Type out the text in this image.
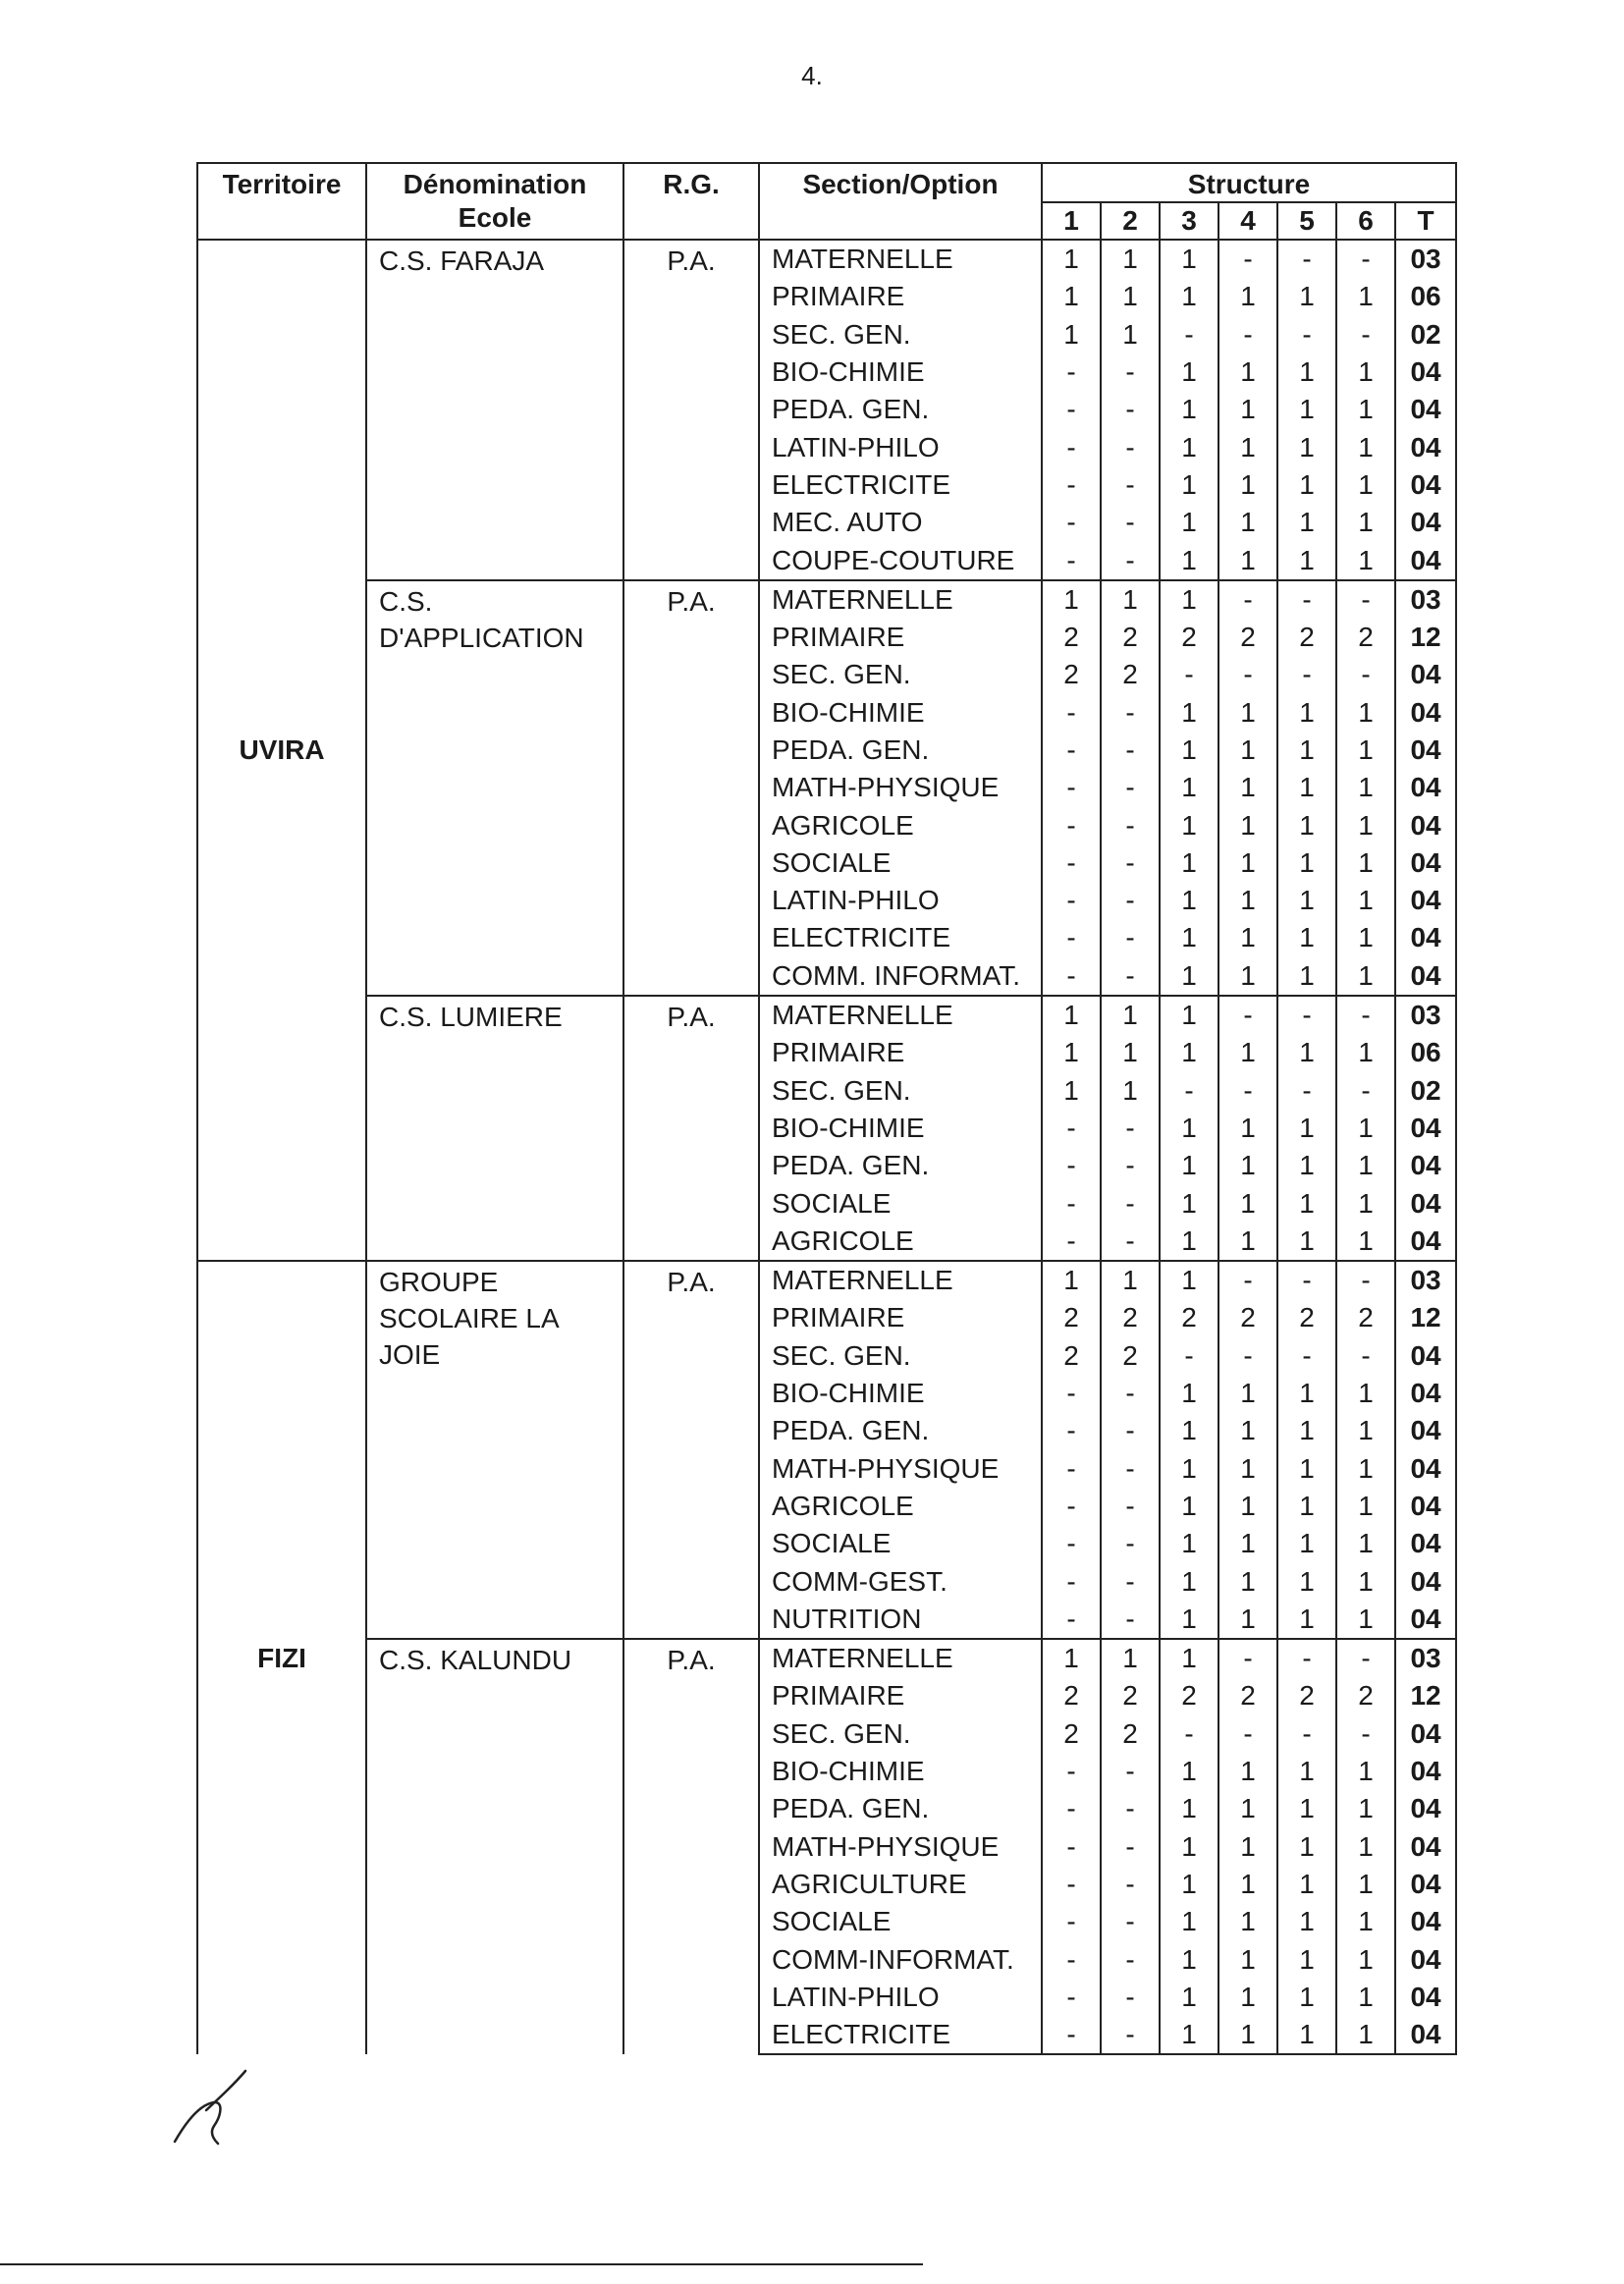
4.
Territoire	Dénomination Ecole	R.G.	Section/Option	Structure						
				1	2	3	4	5	6	T
UVIRA	C.S. FARAJA	P.A.	MATERNELLE	1	1	1	-	-	-	03
			PRIMAIRE	1	1	1	1	1	1	06
			SEC. GEN.	1	1	-	-	-	-	02
			BIO-CHIMIE	-	-	1	1	1	1	04
			PEDA. GEN.	-	-	1	1	1	1	04
			LATIN-PHILO	-	-	1	1	1	1	04
			ELECTRICITE	-	-	1	1	1	1	04
			MEC. AUTO	-	-	1	1	1	1	04
			COUPE-COUTURE	-	-	1	1	1	1	04
	C.S. D'APPLICATION	P.A.	MATERNELLE	1	1	1	-	-	-	03
			PRIMAIRE	2	2	2	2	2	2	12
			SEC. GEN.	2	2	-	-	-	-	04
			BIO-CHIMIE	-	-	1	1	1	1	04
			PEDA. GEN.	-	-	1	1	1	1	04
			MATH-PHYSIQUE	-	-	1	1	1	1	04
			AGRICOLE	-	-	1	1	1	1	04
			SOCIALE	-	-	1	1	1	1	04
			LATIN-PHILO	-	-	1	1	1	1	04
			ELECTRICITE	-	-	1	1	1	1	04
			COMM. INFORMAT.	-	-	1	1	1	1	04
	C.S. LUMIERE	P.A.	MATERNELLE	1	1	1	-	-	-	03
			PRIMAIRE	1	1	1	1	1	1	06
			SEC. GEN.	1	1	-	-	-	-	02
			BIO-CHIMIE	-	-	1	1	1	1	04
			PEDA. GEN.	-	-	1	1	1	1	04
			SOCIALE	-	-	1	1	1	1	04
			AGRICOLE	-	-	1	1	1	1	04
FIZI	GROUPE SCOLAIRE LA JOIE	P.A.	MATERNELLE	1	1	1	-	-	-	03
			PRIMAIRE	2	2	2	2	2	2	12
			SEC. GEN.	2	2	-	-	-	-	04
			BIO-CHIMIE	-	-	1	1	1	1	04
			PEDA. GEN.	-	-	1	1	1	1	04
			MATH-PHYSIQUE	-	-	1	1	1	1	04
			AGRICOLE	-	-	1	1	1	1	04
			SOCIALE	-	-	1	1	1	1	04
			COMM-GEST.	-	-	1	1	1	1	04
			NUTRITION	-	-	1	1	1	1	04
	C.S. KALUNDU	P.A.	MATERNELLE	1	1	1	-	-	-	03
			PRIMAIRE	2	2	2	2	2	2	12
			SEC. GEN.	2	2	-	-	-	-	04
			BIO-CHIMIE	-	-	1	1	1	1	04
			PEDA. GEN.	-	-	1	1	1	1	04
			MATH-PHYSIQUE	-	-	1	1	1	1	04
			AGRICULTURE	-	-	1	1	1	1	04
			SOCIALE	-	-	1	1	1	1	04
			COMM-INFORMAT.	-	-	1	1	1	1	04
			LATIN-PHILO	-	-	1	1	1	1	04
			ELECTRICITE	-	-	1	1	1	1	04
